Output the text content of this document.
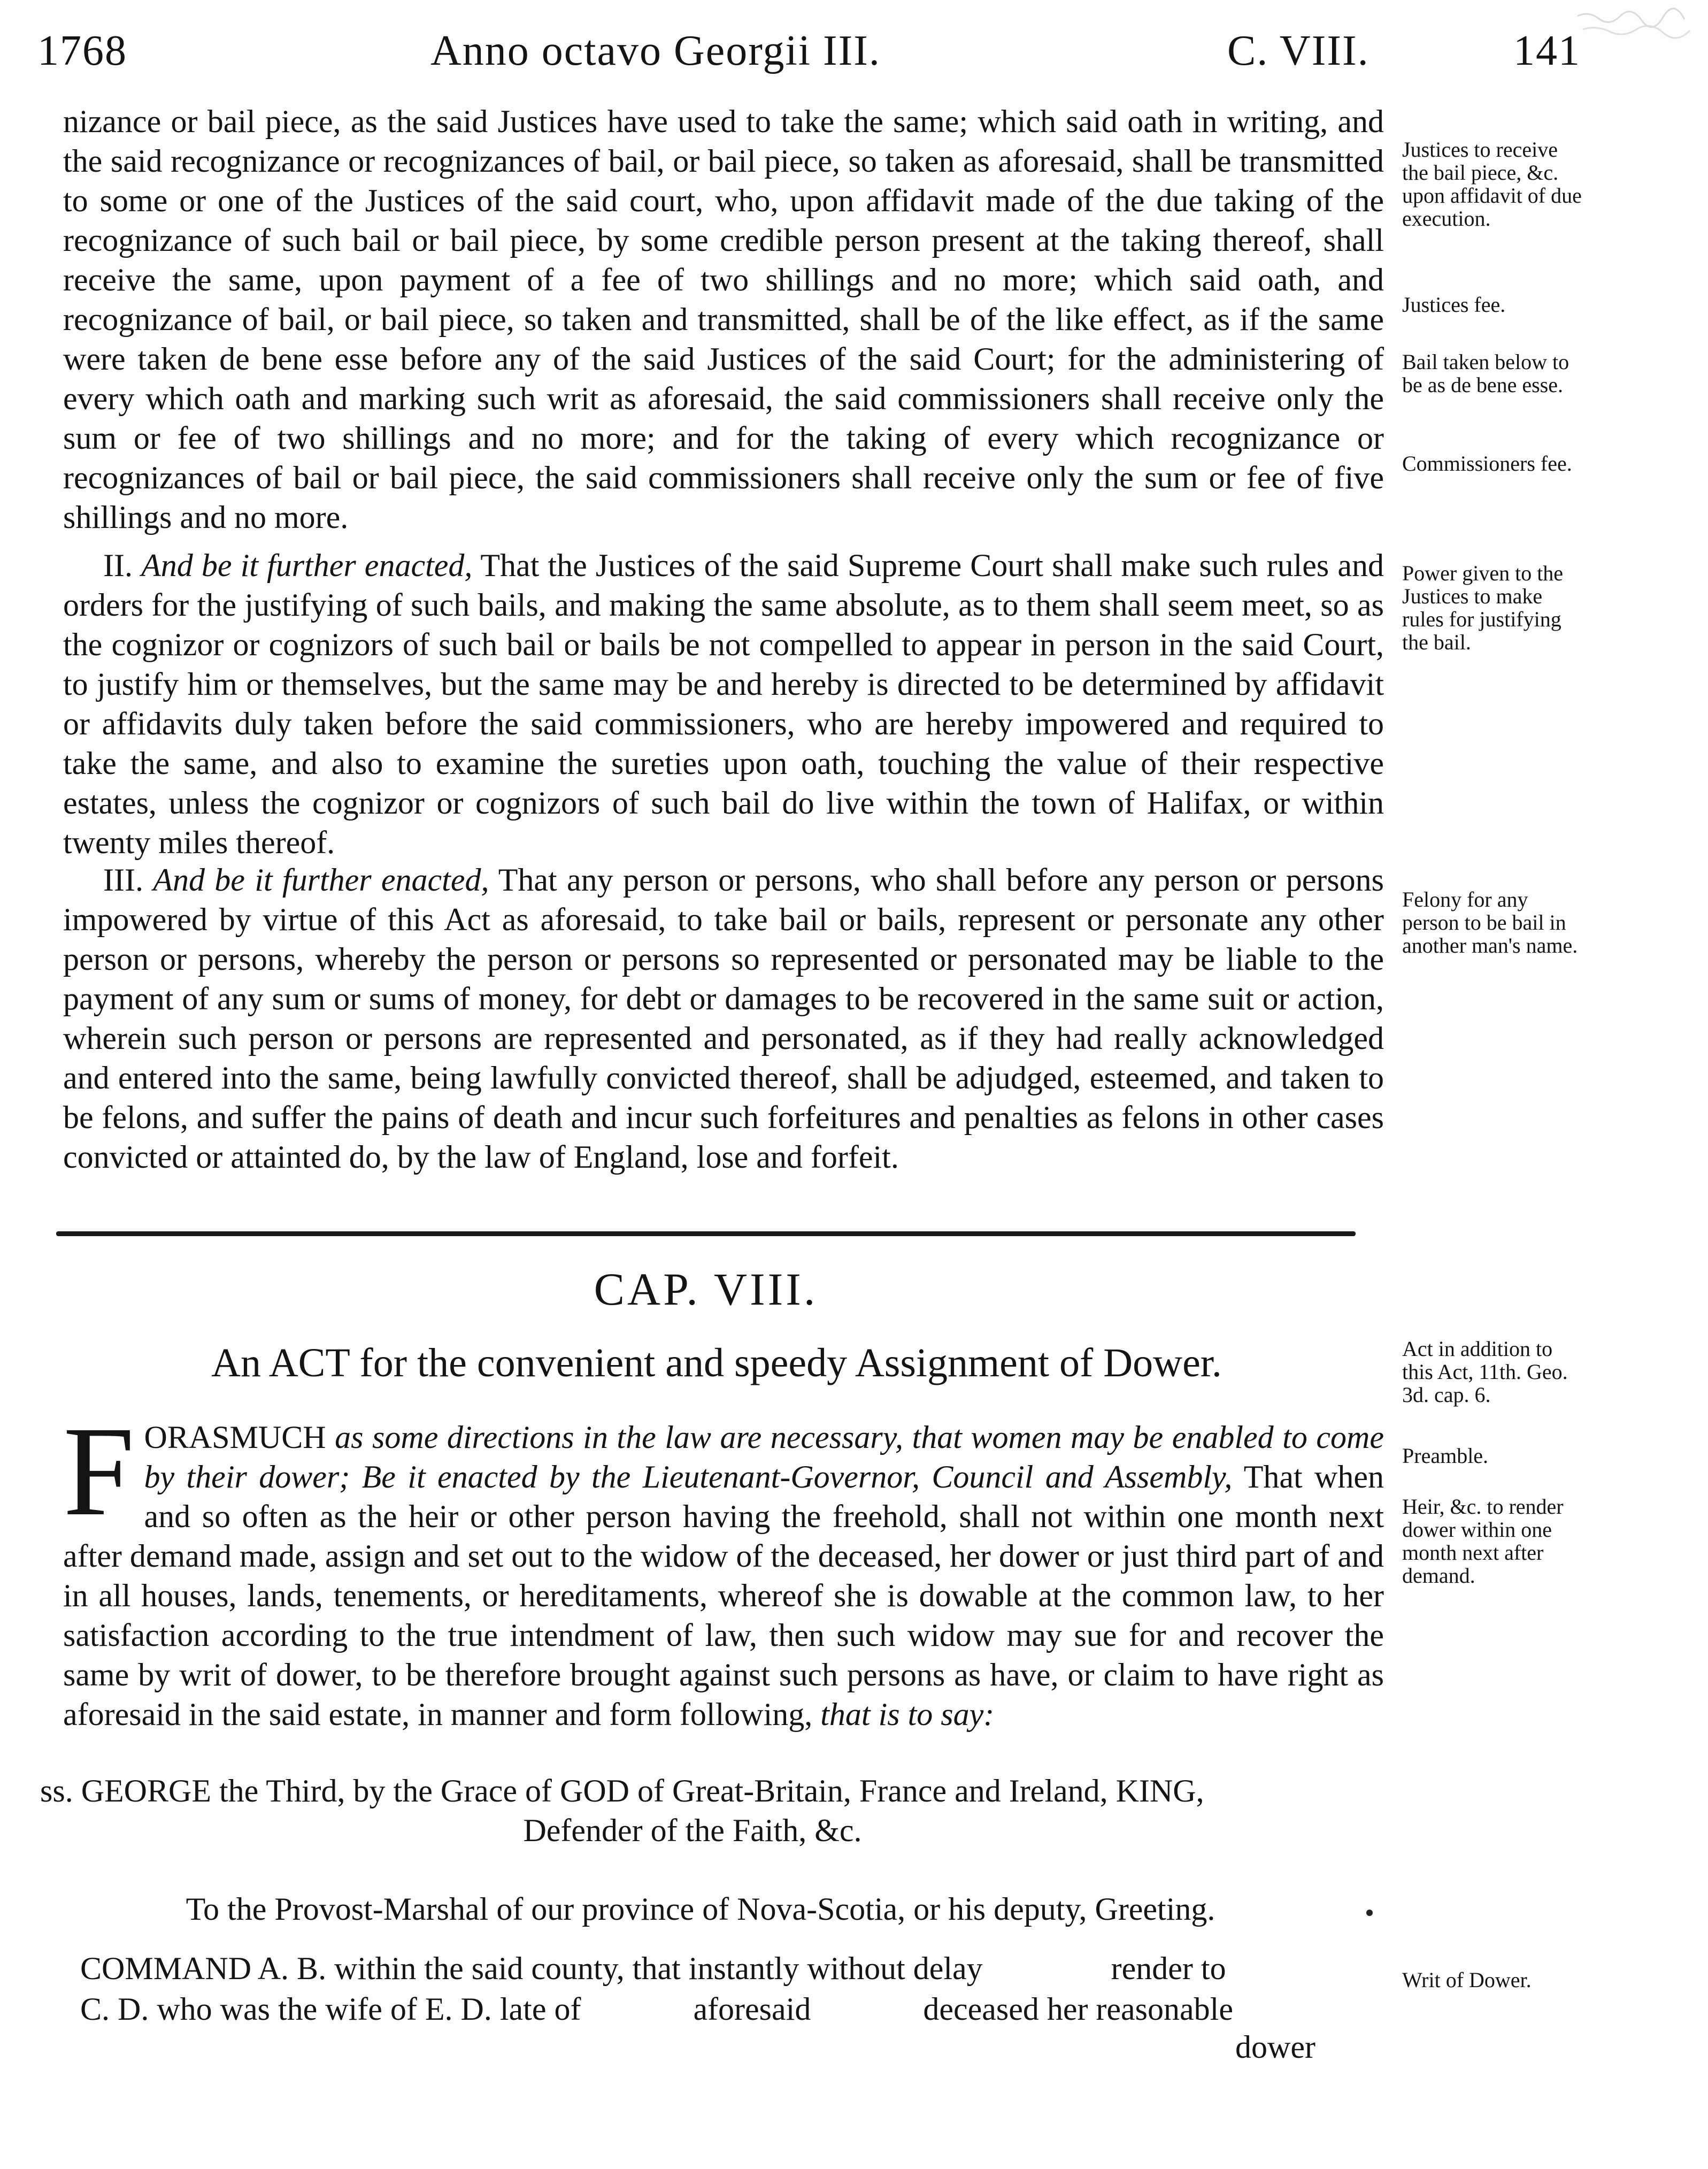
1768	Anno octavo Georgii III.	C. VIII.	141

nizance or bail piece, as the said Justices have used to take the same; which said oath in writing, and the said recognizance or recognizances of bail, or bail piece, so taken as aforesaid, shall be transmitted to some or one of the Justices of the said court, who, upon affidavit made of the due taking of the recognizance of such bail or bail piece, by some credible person present at the taking thereof, shall receive the same, upon payment of a fee of two shillings and no more; which said oath, and recognizance of bail, or bail piece, so taken and transmitted, shall be of the like effect, as if the same were taken de bene esse before any of the said Justices of the said Court; for the administering of every which oath and marking such writ as aforesaid, the said commissioners shall receive only the sum or fee of two shillings and no more; and for the taking of every which recognizance or recognizances of bail or bail piece, the said commissioners shall receive only the sum or fee of five shillings and no more.

II. And be it further enacted, That the Justices of the said Supreme Court shall make such rules and orders for the justifying of such bails, and making the same absolute, as to them shall seem meet, so as the cognizor or cognizors of such bail or bails be not compelled to appear in person in the said Court, to justify him or themselves, but the same may be and hereby is directed to be determined by affidavit or affidavits duly taken before the said commissioners, who are hereby impowered and required to take the same, and also to examine the sureties upon oath, touching the value of their respective estates, unless the cognizor or cognizors of such bail do live within the town of Halifax, or within twenty miles thereof.

III. And be it further enacted, That any person or persons, who shall before any person or persons impowered by virtue of this Act as aforesaid, to take bail or bails, represent or personate any other person or persons, whereby the person or persons so represented or personated may be liable to the payment of any sum or sums of money, for debt or damages to be recovered in the same suit or action, wherein such person or persons are represented and personated, as if they had really acknowledged and entered into the same, being lawfully convicted thereof, shall be adjudged, esteemed, and taken to be felons, and suffer the pains of death and incur such forfeitures and penalties as felons in other cases convicted or attainted do, by the law of England, lose and forfeit.

Justices to receive the bail piece, &c. upon affidavit of due execution.
Justices fee.
Bail taken below to be as de bene esse.
Commissioners fee.
Power given to the Justices to make rules for justifying the bail.
Felony for any person to be bail in another man's name.
Act in addition to this Act, 11th. Geo. 3d. cap. 6.
Preamble.
Heir, &c. to render dower within one month next after demand.
Writ of Dower.
CAP. VIII.
An ACT for the convenient and speedy Assignment of Dower.
FORASMUCH as some directions in the law are necessary, that women may be enabled to come by their dower; Be it enacted by the Lieutenant-Governor, Council and Assembly, That when and so often as the heir or other person having the freehold, shall not within one month next after demand made, assign and set out to the widow of the deceased, her dower or just third part of and in all houses, lands, tenements, or hereditaments, whereof she is dowable at the common law, to her satisfaction according to the true intendment of law, then such widow may sue for and recover the same by writ of dower, to be therefore brought against such persons as have, or claim to have right as aforesaid in the said estate, in manner and form following, that is to say:
ss. GEORGE the Third, by the Grace of GOD of Great-Britain, France and Ireland, KING,
Defender of the Faith, &c.
To the Provost-Marshal of our province of Nova-Scotia, or his deputy, Greeting.

COMMAND A. B. within the said county, that instantly without delay                render to

C. D. who was the wife of E. D. late of              aforesaid              deceased her reasonable

dower
